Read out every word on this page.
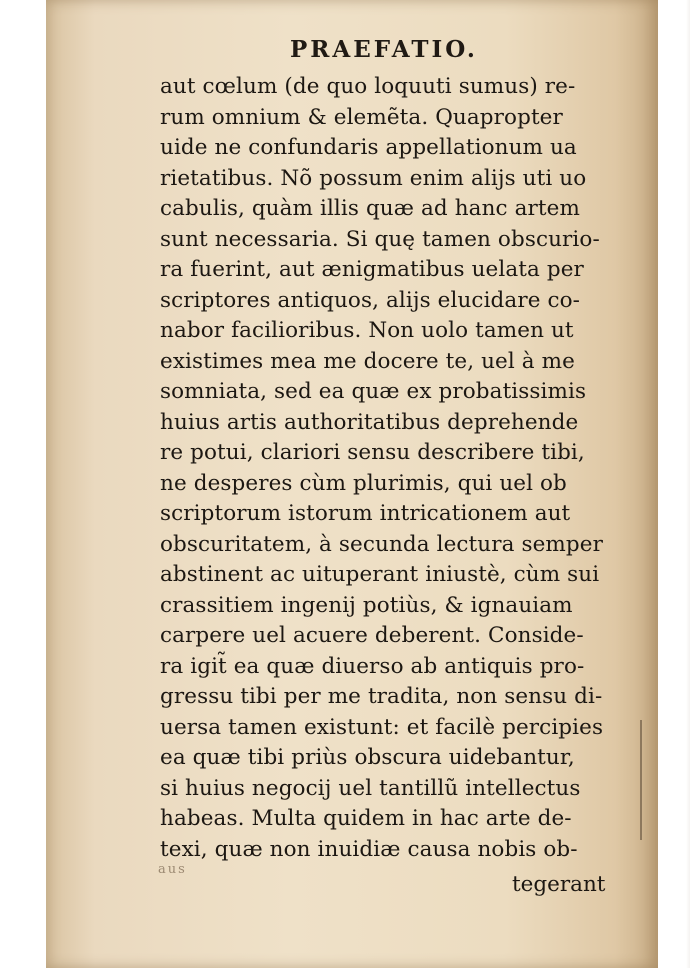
PRAEFATIO.
aut cœlum (de quo loquuti sumus) re-
rum omnium & elemẽta. Quapropter
uide ne confundaris appellationum ua
rietatibus. Nõ possum enim alijs uti uo
cabulis, quàm illis quæ ad hanc artem
sunt necessaria. Si quę tamen obscurio-
ra fuerint, aut ænigmatibus uelata per
scriptores antiquos, alijs elucidare co-
nabor facilioribus. Non uolo tamen ut
existimes mea me docere te, uel à me
somniata, sed ea quæ ex probatissimis
huius artis authoritatibus deprehende
re potui, clariori sensu describere tibi,
ne desperes cùm plurimis, qui uel ob
scriptorum istorum intricationem aut
obscuritatem, à secunda lectura semper
abstinent ac uituperant iniustè, cùm sui
crassitiem ingenij potiùs, & ignauiam
carpere uel acuere deberent. Conside-
ra igit̃ ea quæ diuerso ab antiquis pro-
gressu tibi per me tradita, non sensu di-
uersa tamen existunt: et facilè percipies
ea quæ tibi priùs obscura uidebantur,
si huius negocij uel tantillũ intellectus
habeas. Multa quidem in hac arte de-
texi, quæ non inuidiæ causa nobis ob-
aus
tegerant
